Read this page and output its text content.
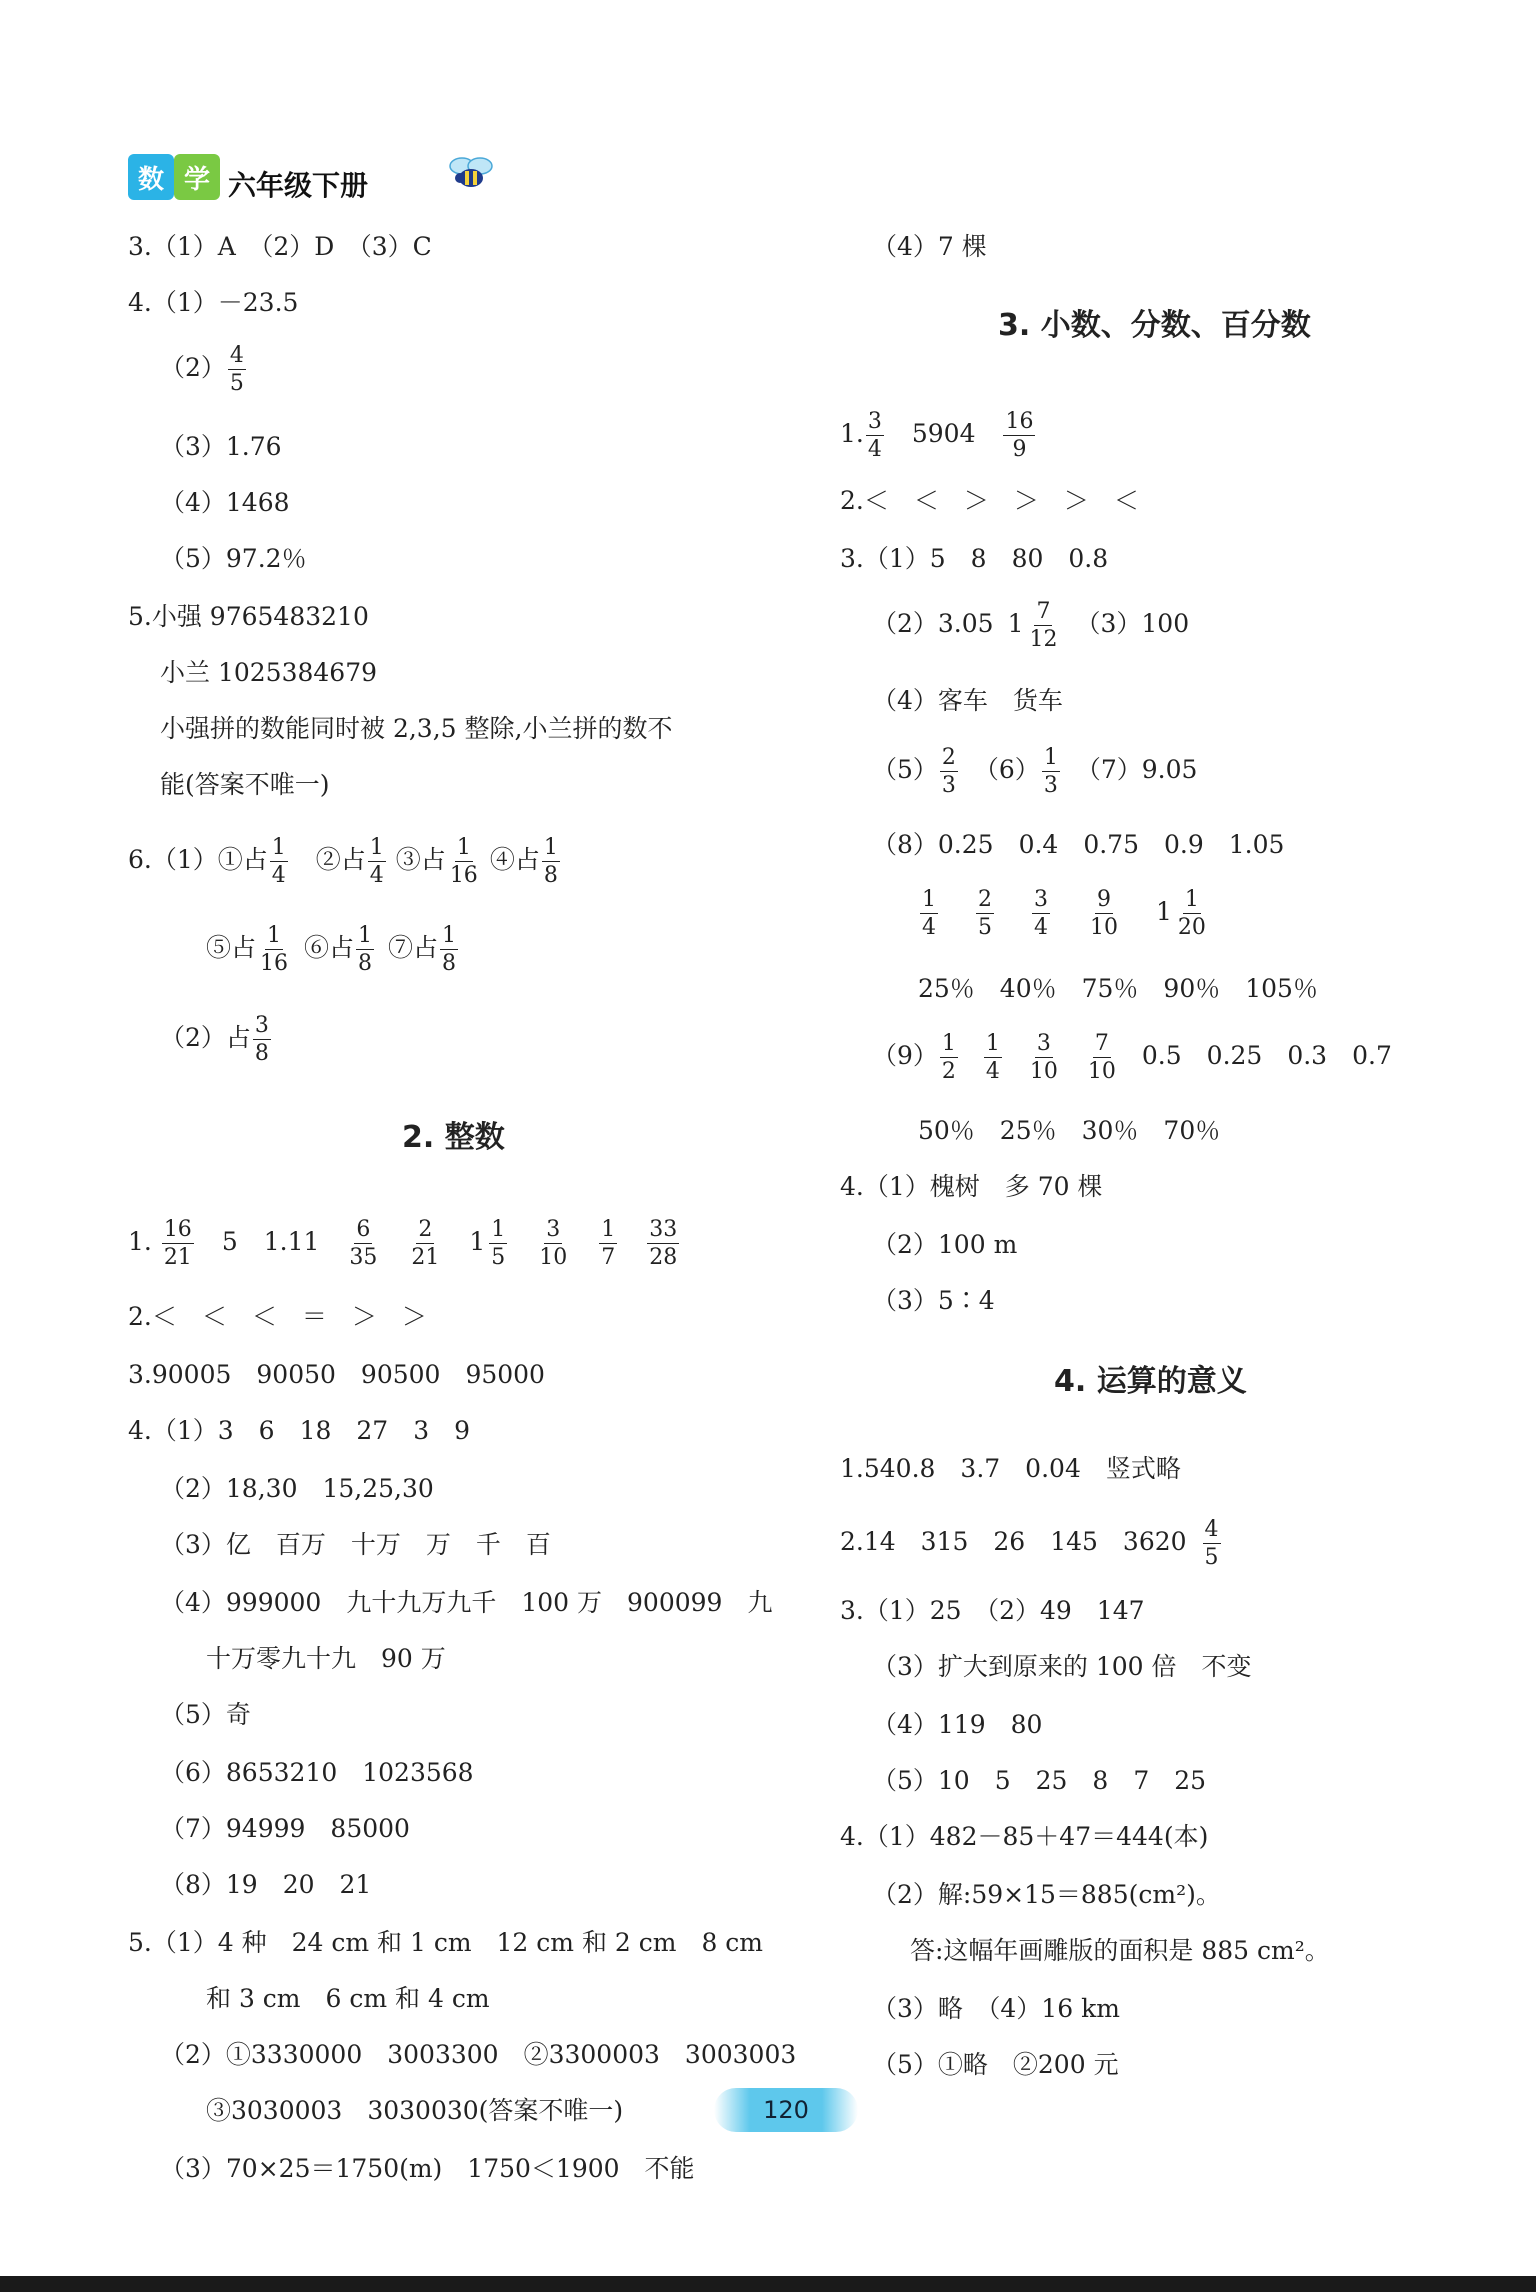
数 学 六年级下册
3.（1）A　（2）D　（3）C
4.（1）－23.5
$(2) \frac{4}{5}$
（3）1.76
（4）1468
（5）97.2％
5.小强 9765483210
小兰 1025384679
小强拼的数能同时被 2,3,5 整除,小兰拼的数不
能(答案不唯一)
6.（1）①占 $\frac{1}{4}$ ②占 $\frac{1}{4}$ ③占 $\frac{1}{16}$ ④占 $\frac{1}{8}$
⑤占 $\frac{1}{16}$ ⑥占 $\frac{1}{8}$ ⑦占 $\frac{1}{8}$
（2）占 $\frac{3}{8}$
2. 整数
1. $\frac{16}{21} 5$ $1.11 \frac{6}{35} \frac{2}{21} 1 \frac{1}{5} \frac{3}{10} \frac{1}{7} \frac{33}{28}$
2.＜　＜　＜　＝　＞　＞
3.90005　90050　90500　95000
4.（1）3　6　18　27　3　9
（2）18,30　15,25,30
（3）亿　百万　十万　万　千　百
（4）999000　九十九万九千　100 万　900099　九
十万零九十九　90 万
（5）奇
（6）8653210　1023568
（7）94999　85000
（8）19　20　21
5.（1）4 种　24 cm 和 1 cm　12 cm 和 2 cm　8 cm
和 3 cm　6 cm 和 4 cm
（2）①3330000　3003300　②3300003　3003003
③3030003　3030030(答案不唯一)
（3）70×25＝1750(m)　1750＜1900　不能
（4）7 棵
3. 小数、分数、百分数
1. $\frac{3}{4} 5904 \frac{16}{9}$
2.＜　＜　＞　＞　＞　＜
3.（1）5　8　80　0.8
（2）3.05 $1 \frac{7}{12} (3)100$
（4）客车　货车
$(5) \frac{2}{3} (6) \frac{1}{3} (7)9.05$
（8）0.25　0.4　0.75　0.9　1.05
$\frac{1}{4} \frac{2}{5} \frac{3}{4} \frac{9}{10} 1 \frac{1}{20}$
25％　40％　75％　90％　105％
$(9) \frac{1}{2} \frac{1}{4} \frac{3}{10} \frac{7}{10} 0.5$　0.25　0.3　0.7
50％　25％　30％　70％
4.（1）槐树　多 70 棵
（2）100 m
（3）5∶4
4. 运算的意义
1.540.8　3.7　0.04　竖式略
2.14　315　26　145　$3620 \frac{4}{5}$
3.（1）25　（2）49　147
（3）扩大到原来的 100 倍　不变
（4）119　80
（5）10　5　25　8　7　25
4.（1）482－85＋47＝444(本)
（2）解:59×15＝885(cm²)。
答:这幅年画雕版的面积是 885 cm²。
（3）略　（4）16 km
（5）①略　②200 元
120
